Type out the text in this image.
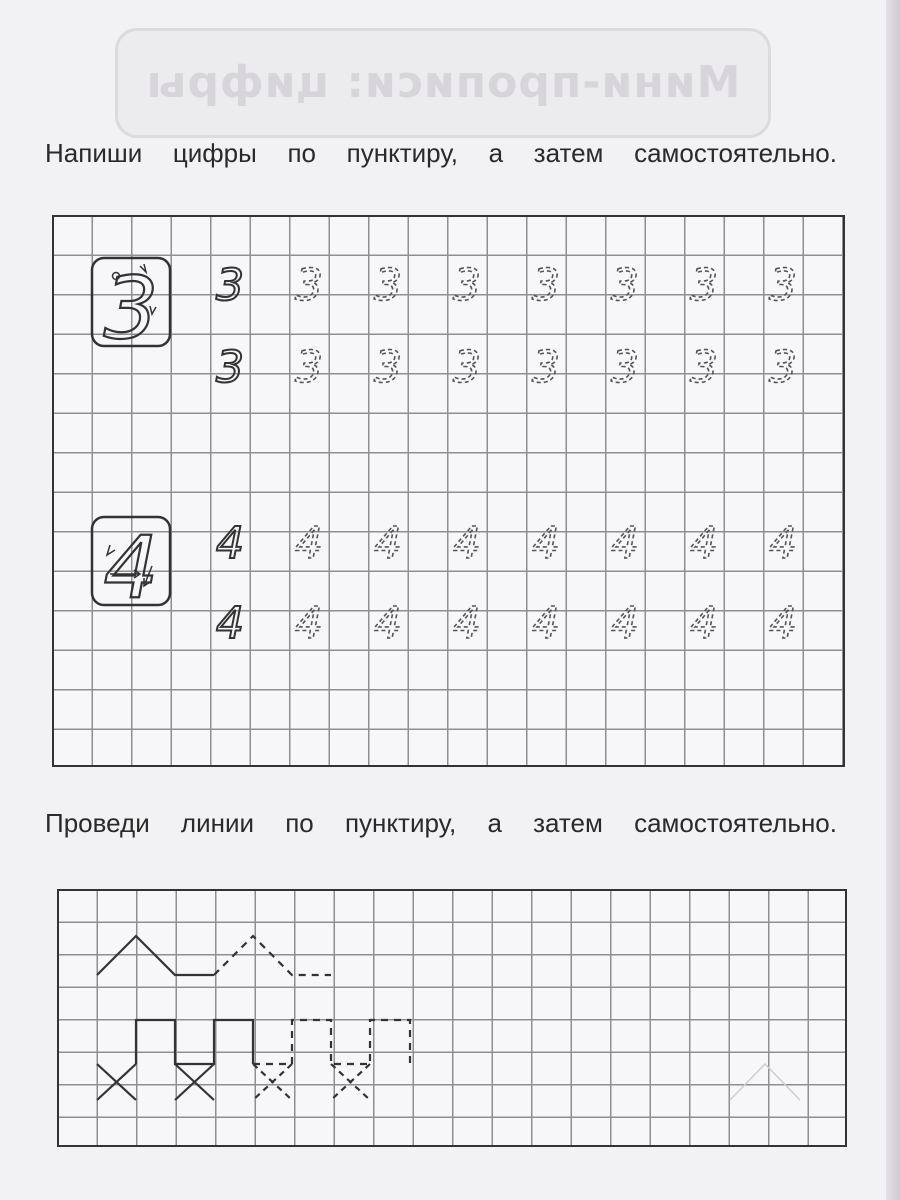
Мини-прописи: цифры
Напиши цифры по пунктиру, а затем самостоятельно.
Проведи линии по пунктиру, а затем самостоятельно.
3
4
3 3 3 3 3 3 3 3
3 3 3 3 3 3 3 3
4 4 4 4 4 4 4 4
4 4 4 4 4 4 4 4
